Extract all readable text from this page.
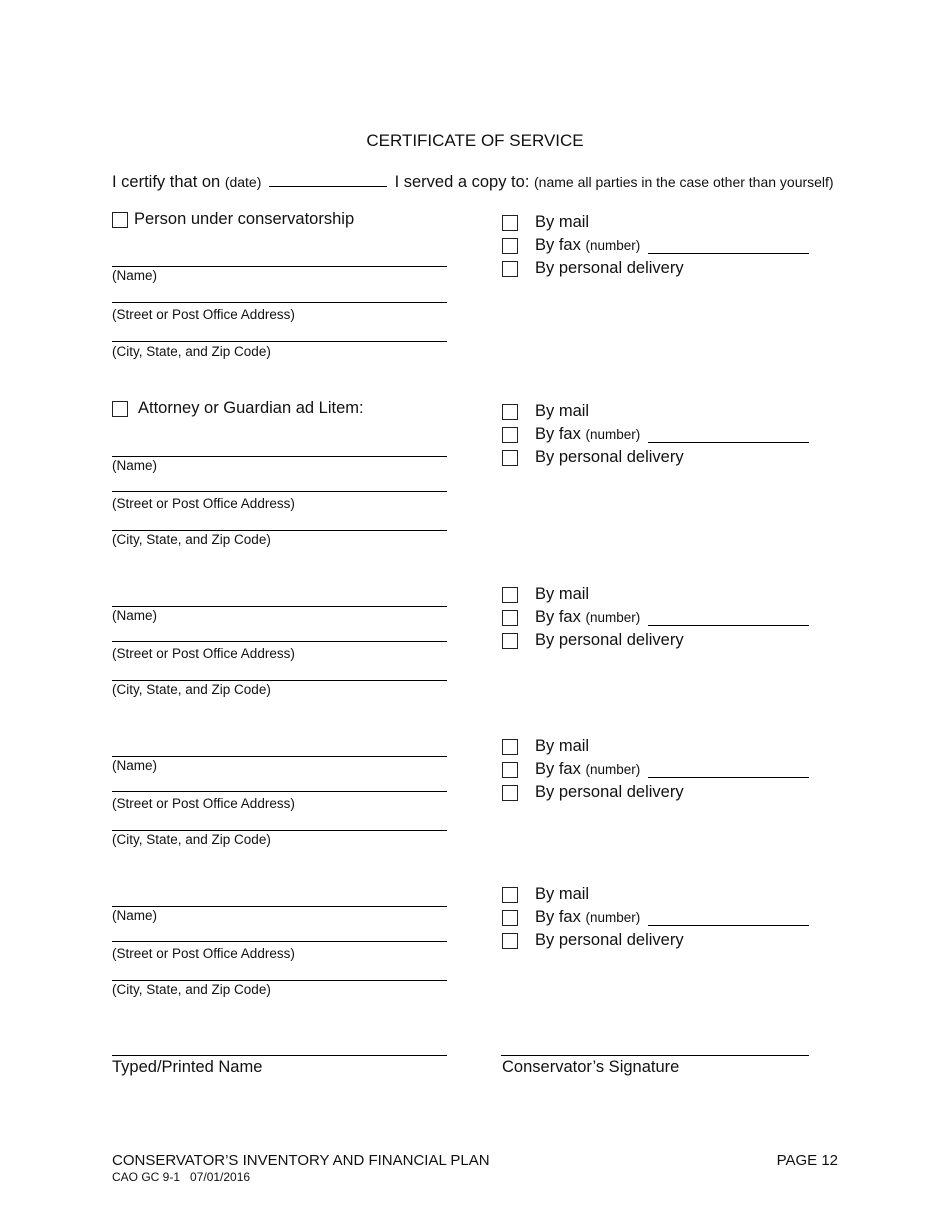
CERTIFICATE OF SERVICE
I certify that on (date)	I served a copy to: (name all parties in the case other than yourself)
Person under conservatorship
(Name)
(Street or Post Office Address)
(City, State, and Zip Code)
By mail
By fax (number)
By personal delivery
Attorney or Guardian ad Litem:
(Name)
(Street or Post Office Address)
(City, State, and Zip Code)
By mail
By fax (number)
By personal delivery
(Name)
(Street or Post Office Address)
(City, State, and Zip Code)
By mail
By fax (number)
By personal delivery
(Name)
(Street or Post Office Address)
(City, State, and Zip Code)
By mail
By fax (number)
By personal delivery
(Name)
(Street or Post Office Address)
(City, State, and Zip Code)
By mail
By fax (number)
By personal delivery
Typed/Printed Name	Conservator’s Signature
CONSERVATOR’S INVENTORY AND FINANCIAL PLAN
CAO GC 9-1   07/01/2016
PAGE 12
